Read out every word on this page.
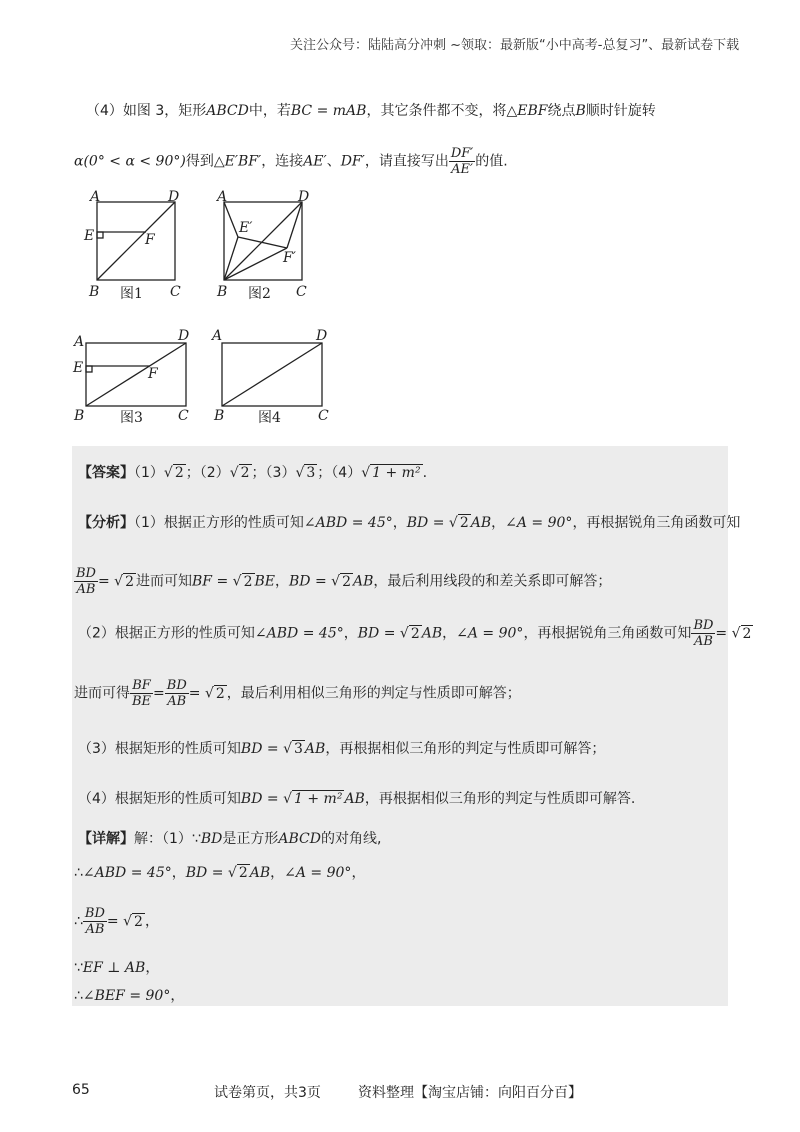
关注公众号：陆陆高分冲刺 ~领取：最新版“小中高考-总复习”、最新试卷下载
（4）如图 3，矩形ABCD中，若BC = mAB，其它条件都不变，将△EBF绕点B顺时针旋转
α(0° < α < 90°)得到△E′BF′，连接AE′、DF′，请直接写出 $\frac{DF'}{AE'}$ 的值.
A	D
E	F
B	C
图1
A	D
E′
F′
B	C
图2
A	D
E	F
B	C
图3
A	D
B	C
图4
【答案】（1）√ 2 ；（2）√ 2 ；（3）√ 3 ；（4）√ 1 + m² .
【分析】（1）根据正方形的性质可知∠ABD = 45°，BD = √ 2 AB，∠A = 90°，再根据锐角三角函数可知
$\frac{BD}{AB}$ = √ 2 进而可知BF = √ 2 BE，BD = √ 2 AB，最后利用线段的和差关系即可解答；
（2）根据正方形的性质可知∠ABD = 45°，BD = √ 2 AB，∠A = 90°，再根据锐角三角函数可知 $\frac{BD}{AB}$ = √ 2
进而可得 $\frac{BF}{BE} = \frac{BD}{AB}$ = √ 2 ，最后利用相似三角形的判定与性质即可解答；
（3）根据矩形的性质可知BD = √ 3 AB，再根据相似三角形的判定与性质即可解答；
（4）根据矩形的性质可知BD = √ 1 + m² AB，再根据相似三角形的判定与性质即可解答.
【详解】解：（1）∵BD是正方形ABCD的对角线,
∴∠ABD = 45°，BD = √ 2 AB，∠A = 90°，
∴ $\frac{BD}{AB}$ = √ 2 ，
∵EF ⊥ AB，
∴∠BEF = 90°，
65	试卷第页，共3页	资料整理【淘宝店铺：向阳百分百】
